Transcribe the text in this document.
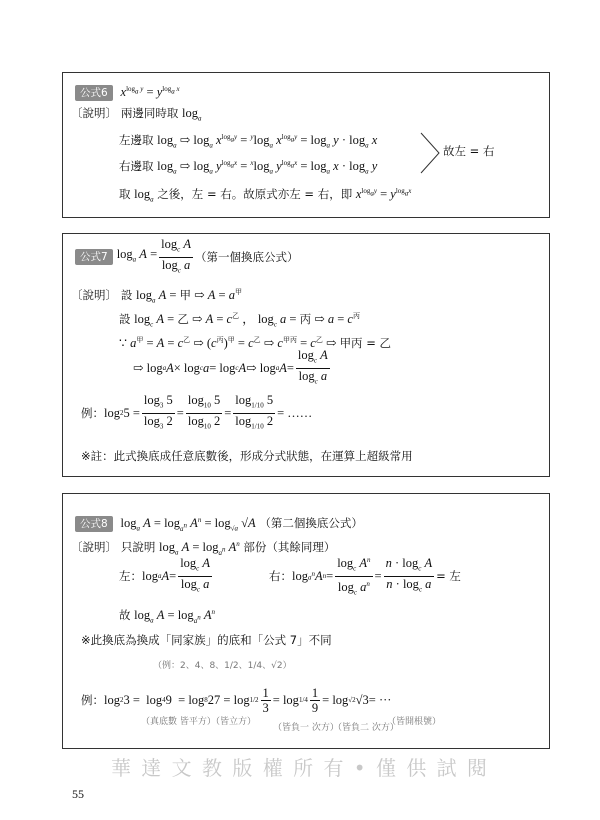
公式6 $x^{log_a y} = y^{log_a x}$
〔說明〕 兩邊同時取 $\log_a$
左邊取 $\log_a$ ⇨ $\log_a x^{log_ay} = ^y\log_a$ $x^{log_ay} = \log_a y \cdot \log_a x$
右邊取 $\log_a$ ⇨ $\log_a y^{log_ax} = ^x\log_a$ $y^{log_ax} = \log_a x \cdot \log_a y$
故左 = 右
取 $\log_a$ 之後，左 = 右。故原式亦左 = 右，即 $x^{log_ay} = y^{log_ax}$
公式7 $\log_a A = \frac{\log_c A}{\log_c a}$ （第一個換底公式）
〔說明〕 設 $\log_a A$ = 甲 ⇨ $A = a^甲$
設 $\log_c A$ = 乙 ⇨ $A = c^乙$ ， $\log_c a$ = 丙 ⇨ $a = c^丙$
∵ $a^甲 = A = c^乙$ ⇨ $(c^丙)^甲 = c^乙$ ⇨ $c^{甲丙} = c^乙$ ⇨ 甲丙 = 乙
⇨ log a A × log c a = log c A ⇨ log a $A = \frac{\log_c A}{\log_c a}$
例： log 2 $5 = \frac{\log_3 5}{\log_3 2} = \frac{\log_{10} 5}{\log_{10} 2} = \frac{\log_{1/10} 5}{\log_{1/10} 2}$ = ……
※註：此式換底成任意底數後，形成分式狀態，在運算上超級常用
公式8 $\log_a A = \log_{a^n} A^n = \log_{√a} √A$ （第二個換底公式）
〔說明〕 只說明 $\log_a A = \log_{a^n} A^n$ 部份（其餘同理）
左： log a $A = \frac{\log_c A}{\log_c a}$	右： $\log a^n$ A $n = \frac{\log_c A^n}{\log_c a^n} = \frac{n \cdot \log_c A}{n \cdot \log_c a}$ = 左
故 $\log_a A = \log_{a^n} A^n$
※此換底為換成「同家族」的底和「公式 7」不同
（例：2、4、8、1/2、1/4、√2）
例： log 2 3 =  log 4 9  = log 8 $27 = \log 1/2 \frac{1}{3} = \log 1/4 \frac{1}{9} = \log √2$ √3 = ···
（真底數 皆平方）
（皆立方）
（皆負一 次方）
（皆負二 次方）
（皆開根號）
華 達 文 教 版 權 所 有 • 僅 供 試 閱
55
